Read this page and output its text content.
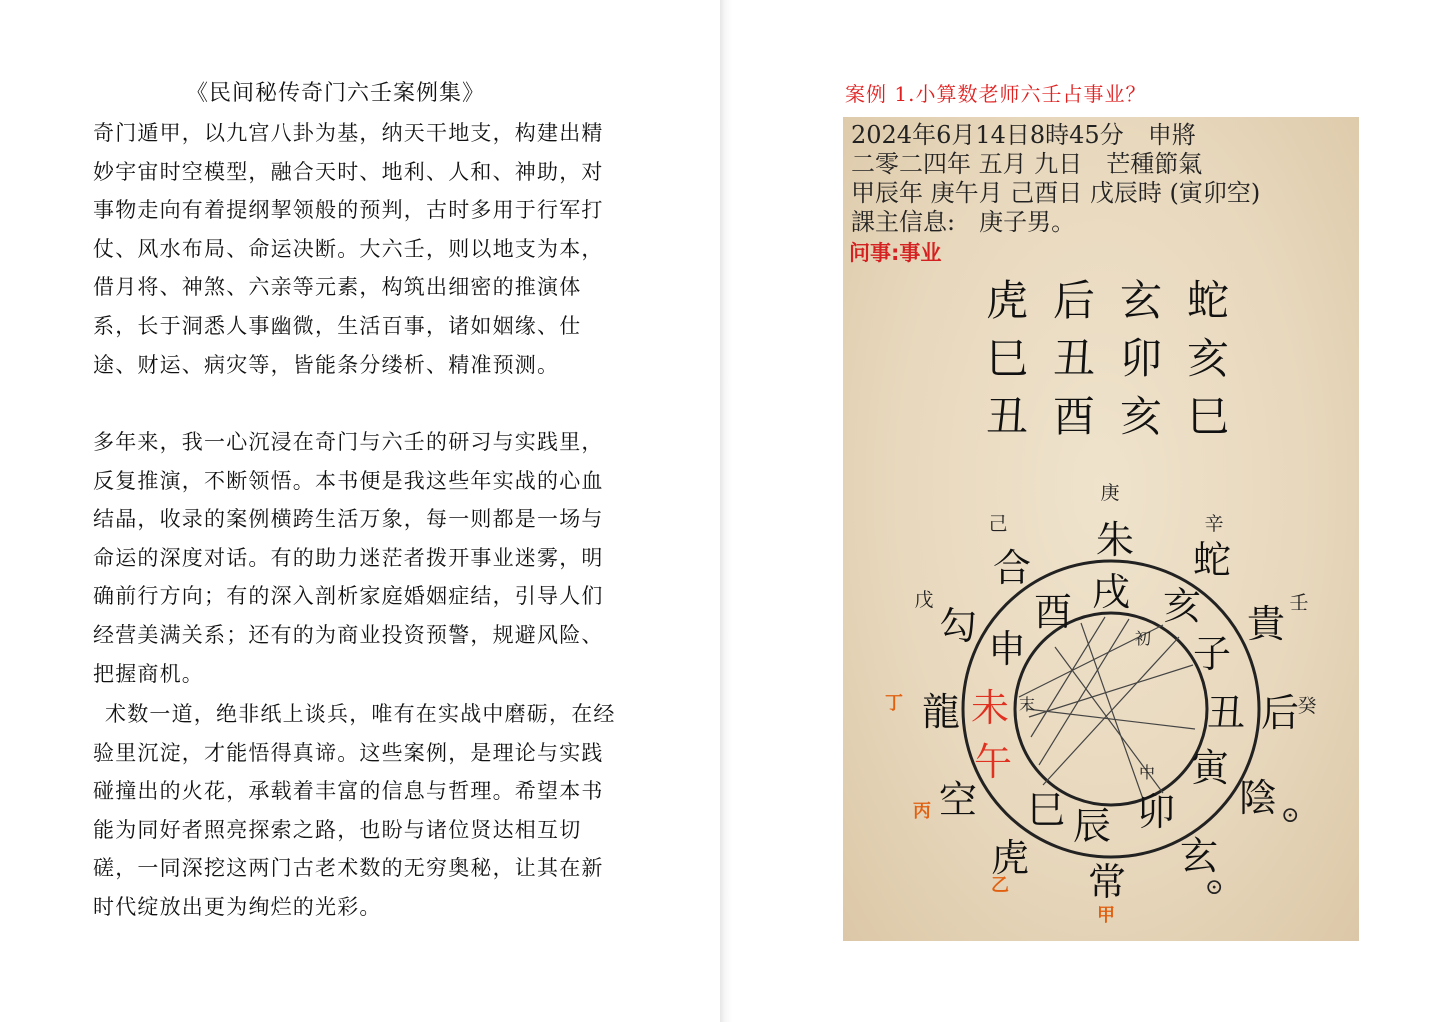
《民间秘传奇门六壬案例集》

奇门遁甲，以九宫八卦为基，纳天干地支，构建出精妙宇宙时空模型，融合天时、地利、人和、神助，对事物走向有着提纲挈领般的预判，古时多用于行军打仗、风水布局、命运决断。大六壬，则以地支为本，借月将、神煞、六亲等元素，构筑出细密的推演体系，长于洞悉人事幽微，生活百事，诸如姻缘、仕途、财运、病灾等，皆能条分缕析、精准预测。

多年来，我一心沉浸在奇门与六壬的研习与实践里，反复推演，不断领悟。本书便是我这些年实战的心血结晶，收录的案例横跨生活万象，每一则都是一场与命运的深度对话。有的助力迷茫者拨开事业迷雾，明确前行方向；有的深入剖析家庭婚姻症结，引导人们经营美满关系；还有的为商业投资预警，规避风险、把握商机。

术数一道，绝非纸上谈兵，唯有在实战中磨砺，在经验里沉淀，才能悟得真谛。这些案例，是理论与实践碰撞出的火花，承载着丰富的信息与哲理。希望本书能为同好者照亮探索之路，也盼与诸位贤达相互切磋，一同深挖这两门古老术数的无穷奥秘，让其在新时代绽放出更为绚烂的光彩。

案例 1.小算数老师六壬占事业？
2024年6月14日8時45分　申將
二零二四年 五月 九日　芒種節氣
甲辰年 庚午月 己酉日 戊辰時 (寅卯空)
課主信息:　庚子男。
问事:事业
虎 后 玄 蛇
巳 丑 卯 亥
丑 酉 亥 巳
朱 蛇
貴
后
陰
玄
常
虎
空
龍
勾
合
戌 亥
子
丑
寅
卯
辰
巳
午
未
申
酉
庚
辛
壬
癸
己
戊
丁
丙
乙
甲
初
中
末
⊙
⊙
